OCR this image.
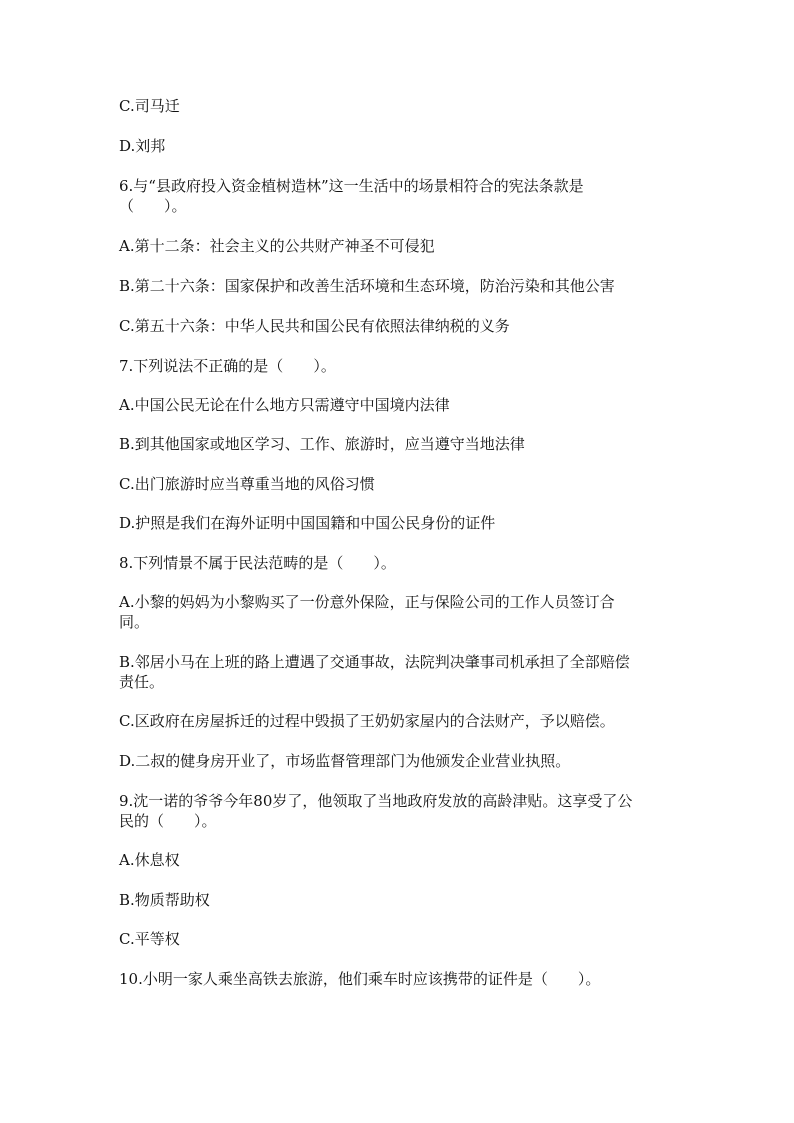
C.司马迁
D.刘邦
6.与“县政府投入资金植树造林”这一生活中的场景相符合的宪法条款是
（　　）。
A.第十二条：社会主义的公共财产神圣不可侵犯
B.第二十六条：国家保护和改善生活环境和生态环境，防治污染和其他公害
C.第五十六条：中华人民共和国公民有依照法律纳税的义务
7.下列说法不正确的是（　　）。
A.中国公民无论在什么地方只需遵守中国境内法律
B.到其他国家或地区学习、工作、旅游时，应当遵守当地法律
C.出门旅游时应当尊重当地的风俗习惯
D.护照是我们在海外证明中国国籍和中国公民身份的证件
8.下列情景不属于民法范畴的是（　　）。
A.小黎的妈妈为小黎购买了一份意外保险，正与保险公司的工作人员签订合
同。
B.邻居小马在上班的路上遭遇了交通事故，法院判决肇事司机承担了全部赔偿
责任。
C.区政府在房屋拆迁的过程中毁损了王奶奶家屋内的合法财产，予以赔偿。
D.二叔的健身房开业了，市场监督管理部门为他颁发企业营业执照。
9.沈一诺的爷爷今年80岁了，他领取了当地政府发放的高龄津贴。这享受了公
民的（　　）。
A.休息权
B.物质帮助权
C.平等权
10.小明一家人乘坐高铁去旅游，他们乘车时应该携带的证件是（　　）。
